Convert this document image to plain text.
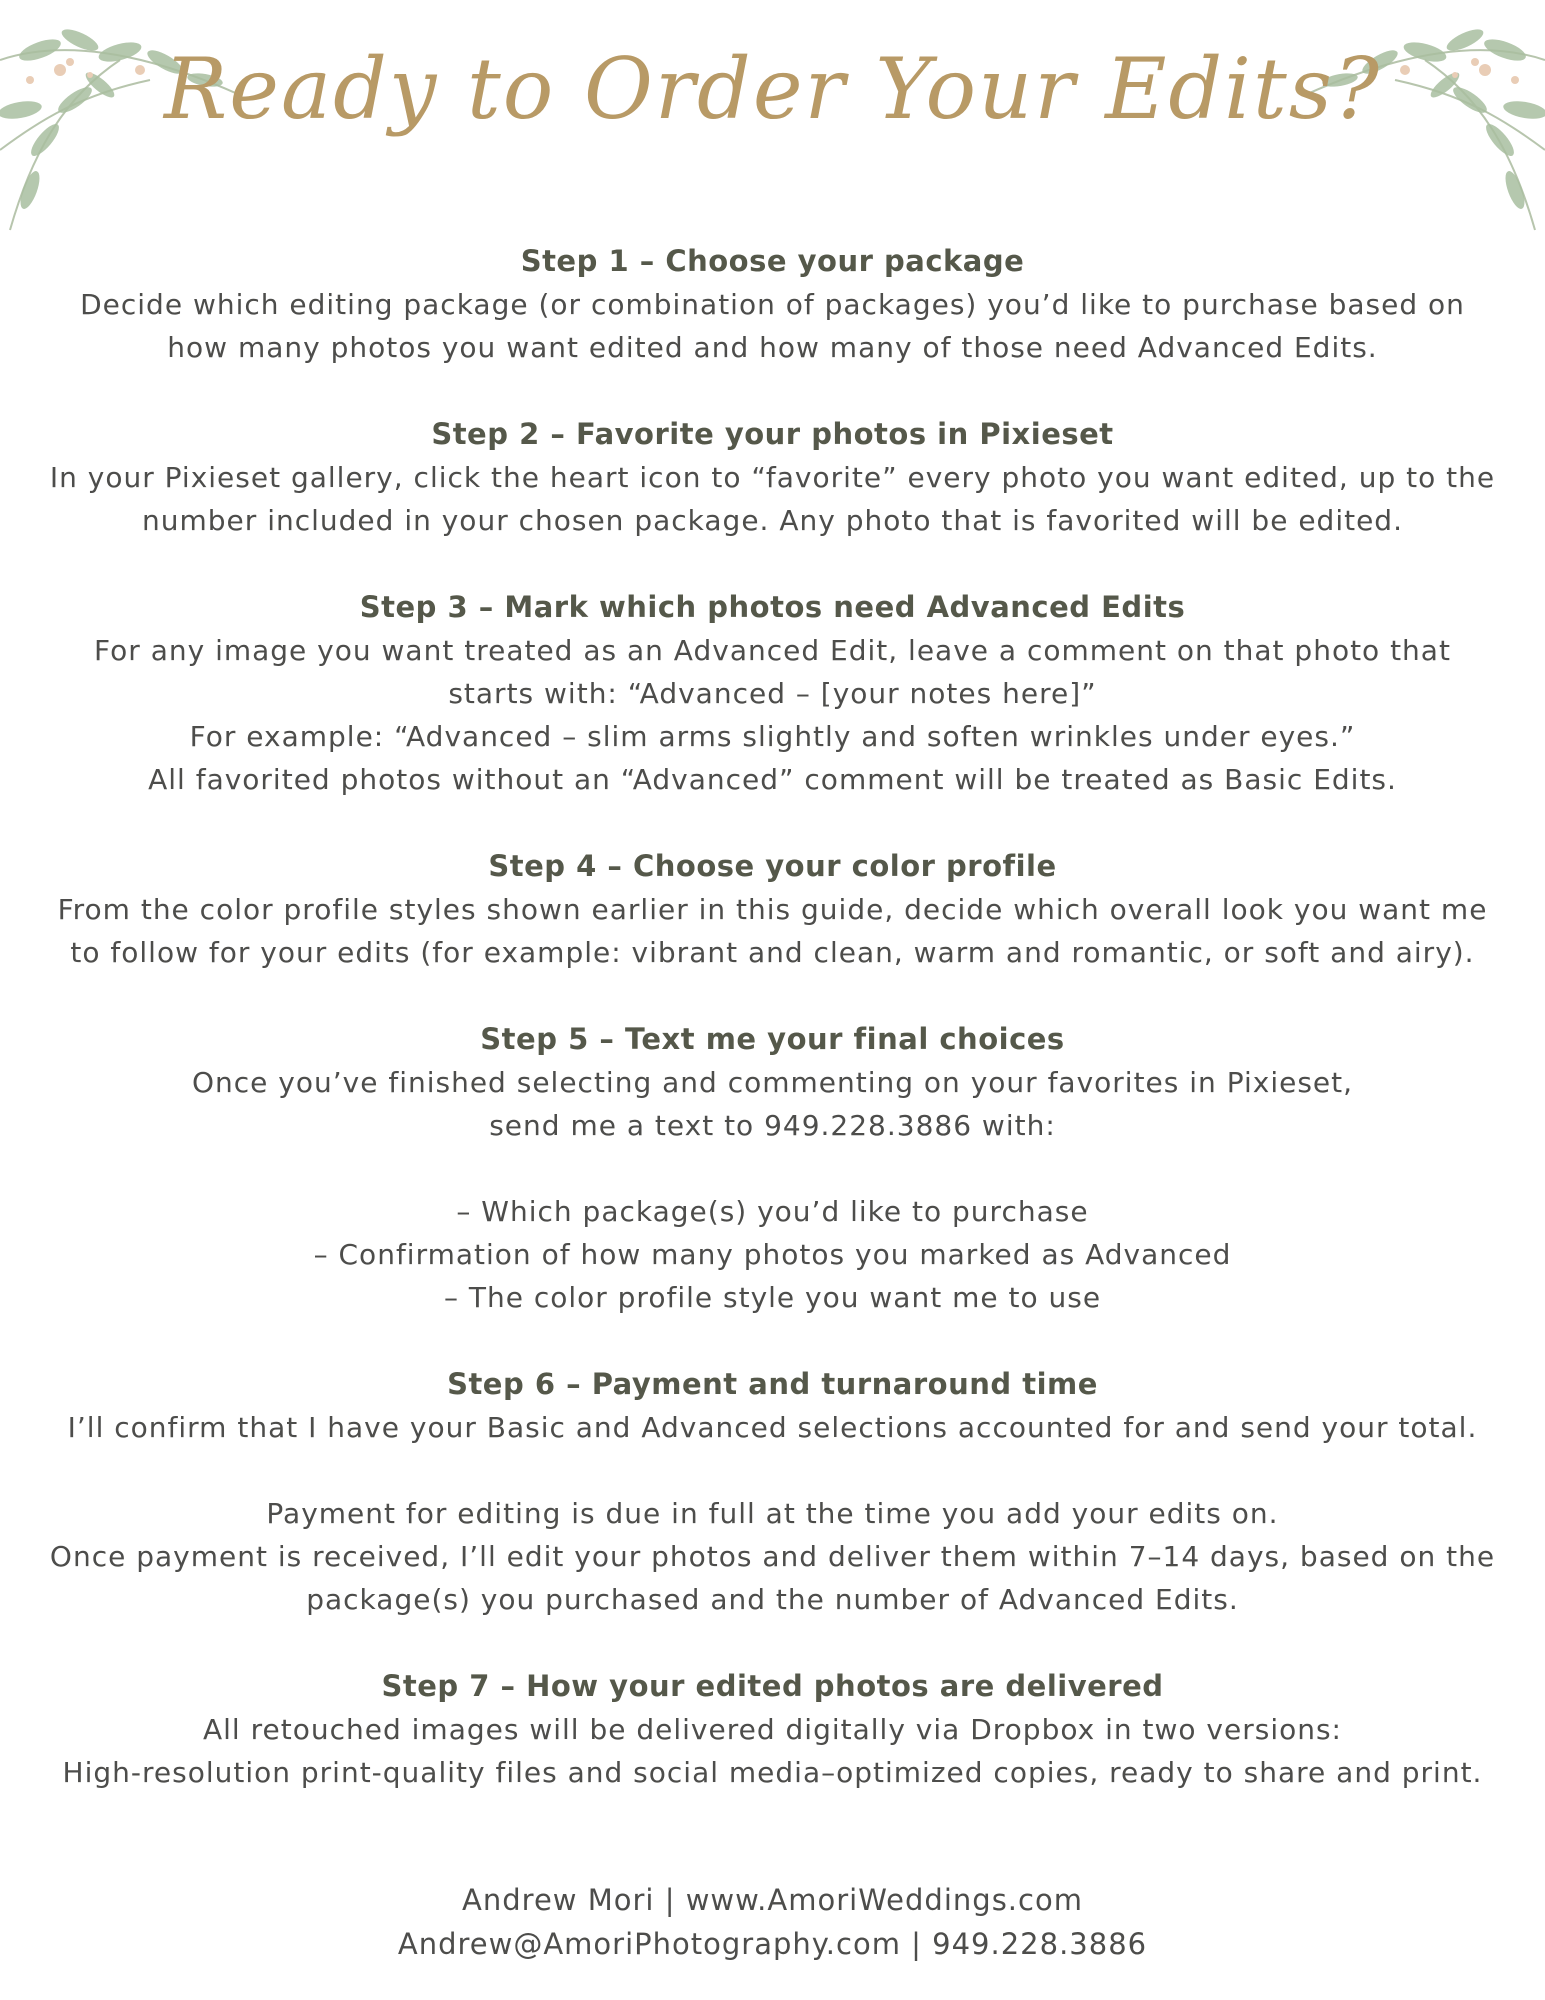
Ready to Order Your Edits?
Step 1 – Choose your package
Decide which editing package (or combination of packages) you’d like to purchase based on
how many photos you want edited and how many of those need Advanced Edits.
Step 2 – Favorite your photos in Pixieset
In your Pixieset gallery, click the heart icon to “favorite” every photo you want edited, up to the
number included in your chosen package. Any photo that is favorited will be edited.
Step 3 – Mark which photos need Advanced Edits
For any image you want treated as an Advanced Edit, leave a comment on that photo that
starts with: “Advanced – [your notes here]”
For example: “Advanced – slim arms slightly and soften wrinkles under eyes.”
All favorited photos without an “Advanced” comment will be treated as Basic Edits.
Step 4 – Choose your color profile
From the color profile styles shown earlier in this guide, decide which overall look you want me
to follow for your edits (for example: vibrant and clean, warm and romantic, or soft and airy).
Step 5 – Text me your final choices
Once you’ve finished selecting and commenting on your favorites in Pixieset,
send me a text to 949.228.3886 with:
– Which package(s) you’d like to purchase
– Confirmation of how many photos you marked as Advanced
– The color profile style you want me to use
Step 6 – Payment and turnaround time
I’ll confirm that I have your Basic and Advanced selections accounted for and send your total.
Payment for editing is due in full at the time you add your edits on.
Once payment is received, I’ll edit your photos and deliver them within 7–14 days, based on the
package(s) you purchased and the number of Advanced Edits.
Step 7 – How your edited photos are delivered
All retouched images will be delivered digitally via Dropbox in two versions:
High-resolution print-quality files and social media–optimized copies, ready to share and print.
Andrew Mori | www.AmoriWeddings.com
Andrew@AmoriPhotography.com | 949.228.3886
